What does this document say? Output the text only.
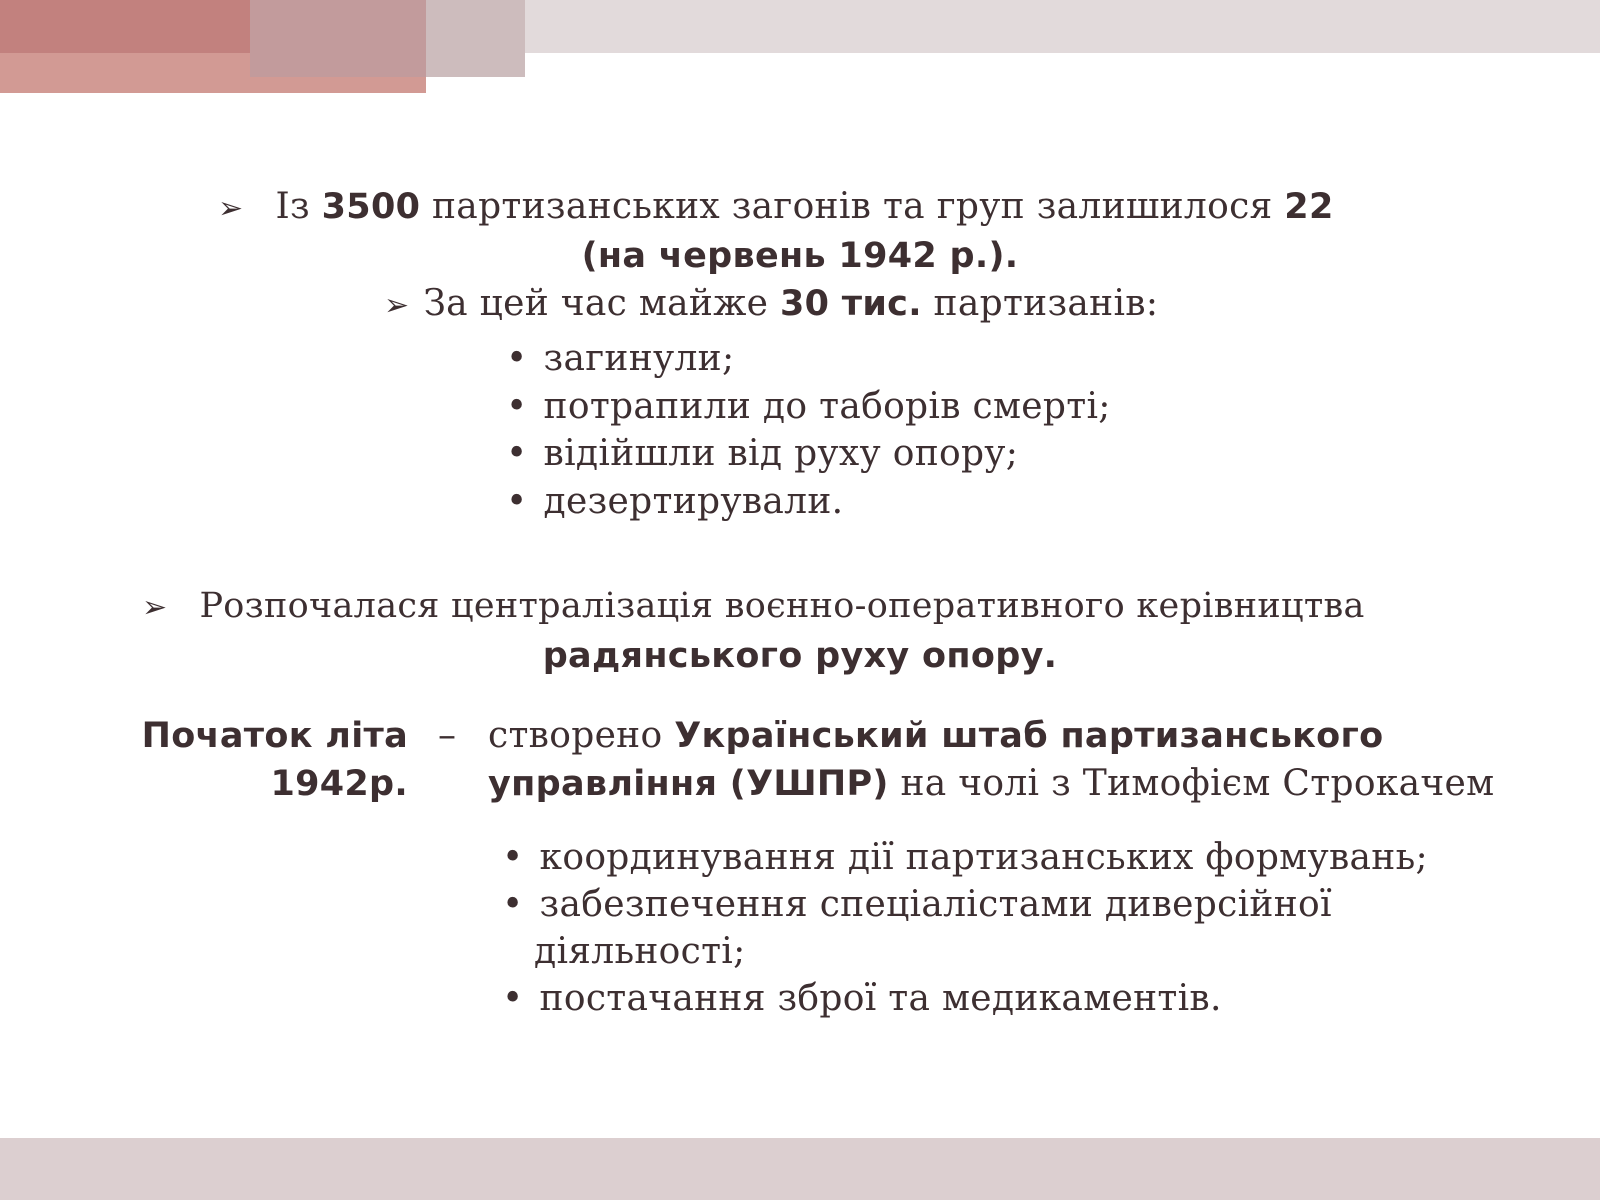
➢ Із 3500 партизанських загонів та груп залишилося 22
(на червень 1942 р.).
➢ За цей час майже 30 тис. партизанів:
• загинули;
• потрапили до таборів смерті;
• відійшли від руху опору;
• дезертирували.
➢ Розпочалася централізація воєнно-оперативного керівництва
радянського руху опору.
Початок літа
1942р.
– створено Український штаб партизанського
управління (УШПР) на чолі з Тимофієм Строкачем
• координування дії партизанських формувань;
• забезпечення спеціалістами диверсійної
діяльності;
• постачання зброї та медикаментів.
